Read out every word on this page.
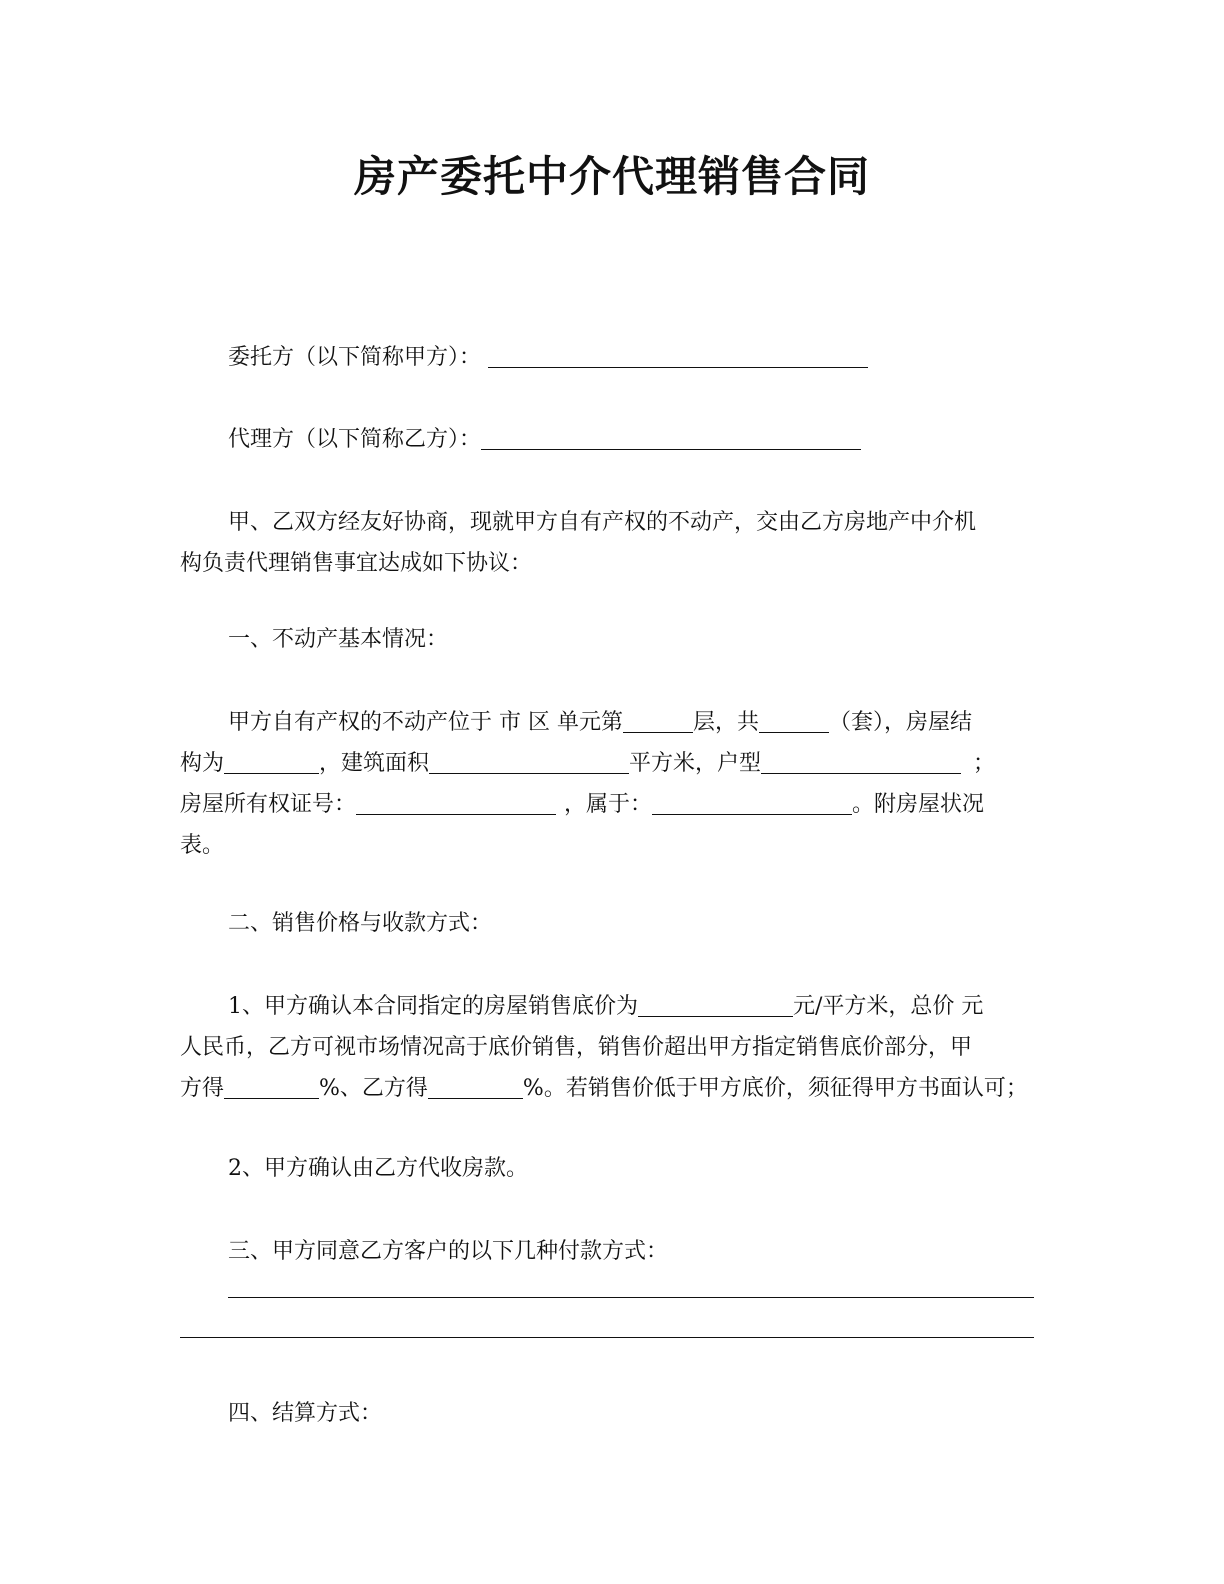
房产委托中介代理销售合同
委托方（以下简称甲方）：
代理方（以下简称乙方）：
甲、乙双方经友好协商，现就甲方自有产权的不动产，交由乙方房地产中介机
构负责代理销售事宜达成如下协议：
一、不动产基本情况：
甲方自有产权的不动产位于 市 区 单元第	层，共	（套），房屋结
构为	，建筑面积	平方米，户型	；
房屋所有权证号：	，属于：	。附房屋状况
表。
二、销售价格与收款方式：
1、甲方确认本合同指定的房屋销售底价为	元/平方米，总价 元
人民币，乙方可视市场情况高于底价销售，销售价超出甲方指定销售底价部分，甲
方得	%、乙方得	%。若销售价低于甲方底价，须征得甲方书面认可；
2、甲方确认由乙方代收房款。
三、甲方同意乙方客户的以下几种付款方式：
四、结算方式：
